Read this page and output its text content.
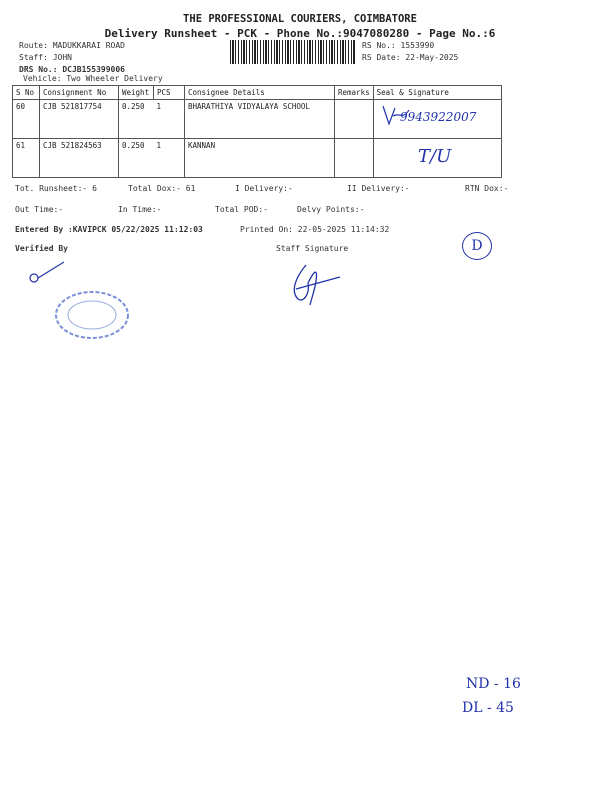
THE PROFESSIONAL COURIERS, COIMBATORE
Delivery Runsheet - PCK - Phone No.:9047080280 - Page No.:6
Route: MADUKKARAI ROAD
Staff: JOHN
DRS No.: DCJB155399006
Vehicle: Two Wheeler Delivery
RS No.: 1553990
RS Date: 22-May-2025
S No	Consignment No	Weight	PCS	Consignee Details	Remarks	Seal & Signature
60	CJB 521817754	0.250	1	BHARATHIYA VIDYALAYA SCHOOL		
61	CJB 521824563	0.250	1	KANNAN		
Tot. Runsheet:- 6	Total Dox:- 61	I Delivery:-	II Delivery:-	RTN Dox:-
Out Time:-	In Time:-	Total POD:-	Delvy Points:-
Entered By :KAVIPCK 05/22/2025 11:12:03	Printed On: 22-05-2025 11:14:32
Verified By	Staff Signature
9943922007
T/U
D
ND - 16
DL - 45
